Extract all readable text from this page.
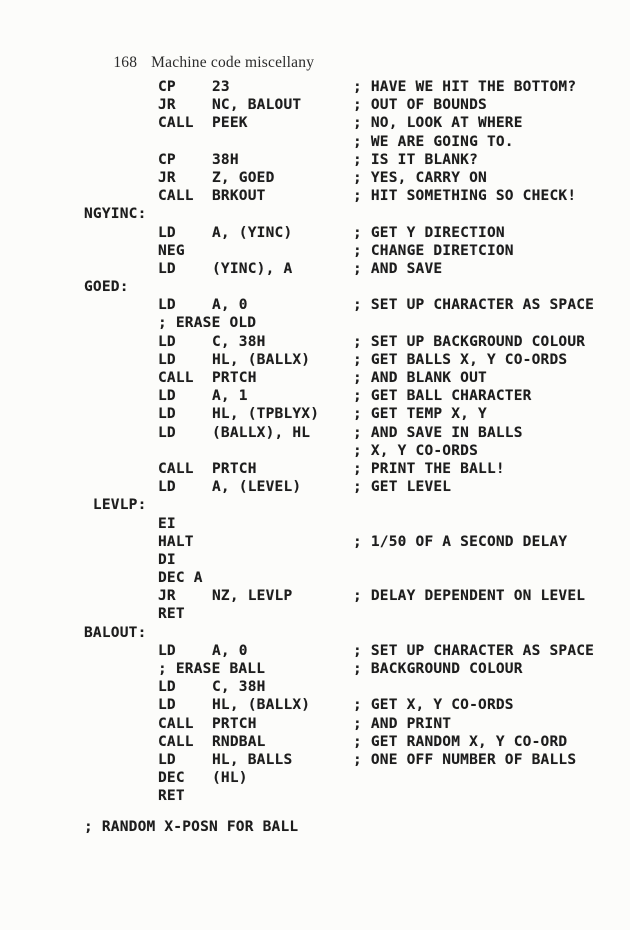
168 Machine code miscellany

CP 23	; HAVE WE HIT THE BOTTOM?
JR NC, BALOUT	; OUT OF BOUNDS
CALL PEEK	; NO, LOOK AT WHERE
; WE ARE GOING TO.
CP 38H	; IS IT BLANK?
JR Z, GOED	; YES, CARRY ON
CALL BRKOUT	; HIT SOMETHING SO CHECK!
NGYINC:
LD A, (YINC)	; GET Y DIRECTION
NEG	; CHANGE DIRETCION
LD (YINC), A	; AND SAVE
GOED:
LD A, 0	; SET UP CHARACTER AS SPACE
; ERASE OLD
LD C, 38H	; SET UP BACKGROUND COLOUR
LD HL, (BALLX)	; GET BALLS X, Y CO-ORDS
CALL PRTCH	; AND BLANK OUT
LD A, 1	; GET BALL CHARACTER
LD HL, (TPBLYX) ; GET TEMP X, Y
LD (BALLX), HL	; AND SAVE IN BALLS
; X, Y CO-ORDS
CALL PRTCH	; PRINT THE BALL!
LD A, (LEVEL)	; GET LEVEL
LEVLP:
EI
HALT	; 1/50 OF A SECOND DELAY
DI
DEC A
JR NZ, LEVLP	; DELAY DEPENDENT ON LEVEL
RET
BALOUT:
LD A, 0	; SET UP CHARACTER AS SPACE
; ERASE BALL	; BACKGROUND COLOUR
LD C, 38H
LD HL, (BALLX)	; GET X, Y CO-ORDS
CALL PRTCH	; AND PRINT
CALL RNDBAL	; GET RANDOM X, Y CO-ORD
LD HL, BALLS	; ONE OFF NUMBER OF BALLS
DEC (HL)
RET
; RANDOM X-POSN FOR BALL
